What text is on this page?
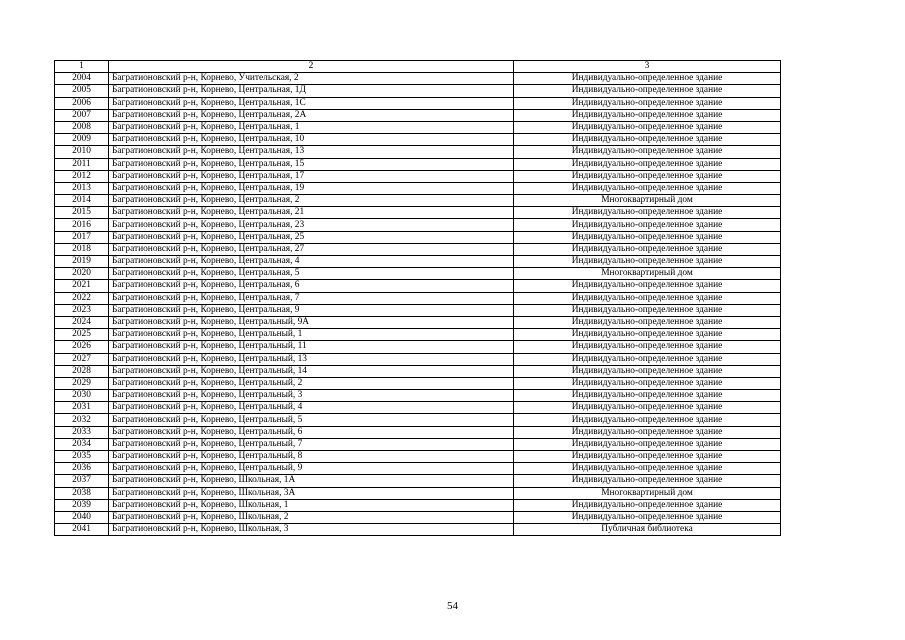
1	2	3
2004	Багратионовский р-н, Корнево, Учительская, 2	Индивидуально-определенное здание
2005	Багратионовский р-н, Корнево, Центральная, 1Д	Индивидуально-определенное здание
2006	Багратионовский р-н, Корнево, Центральная, 1С	Индивидуально-определенное здание
2007	Багратионовский р-н, Корнево, Центральная, 2А	Индивидуально-определенное здание
2008	Багратионовский р-н, Корнево, Центральная, 1	Индивидуально-определенное здание
2009	Багратионовский р-н, Корнево, Центральная, 10	Индивидуально-определенное здание
2010	Багратионовский р-н, Корнево, Центральная, 13	Индивидуально-определенное здание
2011	Багратионовский р-н, Корнево, Центральная, 15	Индивидуально-определенное здание
2012	Багратионовский р-н, Корнево, Центральная, 17	Индивидуально-определенное здание
2013	Багратионовский р-н, Корнево, Центральная, 19	Индивидуально-определенное здание
2014	Багратионовский р-н, Корнево, Центральная, 2	Многоквартирный дом
2015	Багратионовский р-н, Корнево, Центральная, 21	Индивидуально-определенное здание
2016	Багратионовский р-н, Корнево, Центральная, 23	Индивидуально-определенное здание
2017	Багратионовский р-н, Корнево, Центральная, 25	Индивидуально-определенное здание
2018	Багратионовский р-н, Корнево, Центральная, 27	Индивидуально-определенное здание
2019	Багратионовский р-н, Корнево, Центральная, 4	Индивидуально-определенное здание
2020	Багратионовский р-н, Корнево, Центральная, 5	Многоквартирный дом
2021	Багратионовский р-н, Корнево, Центральная, 6	Индивидуально-определенное здание
2022	Багратионовский р-н, Корнево, Центральная, 7	Индивидуально-определенное здание
2023	Багратионовский р-н, Корнево, Центральная, 9	Индивидуально-определенное здание
2024	Багратионовский р-н, Корнево, Центральный, 9А	Индивидуально-определенное здание
2025	Багратионовский р-н, Корнево, Центральный, 1	Индивидуально-определенное здание
2026	Багратионовский р-н, Корнево, Центральный, 11	Индивидуально-определенное здание
2027	Багратионовский р-н, Корнево, Центральный, 13	Индивидуально-определенное здание
2028	Багратионовский р-н, Корнево, Центральный, 14	Индивидуально-определенное здание
2029	Багратионовский р-н, Корнево, Центральный, 2	Индивидуально-определенное здание
2030	Багратионовский р-н, Корнево, Центральный, 3	Индивидуально-определенное здание
2031	Багратионовский р-н, Корнево, Центральный, 4	Индивидуально-определенное здание
2032	Багратионовский р-н, Корнево, Центральный, 5	Индивидуально-определенное здание
2033	Багратионовский р-н, Корнево, Центральный, 6	Индивидуально-определенное здание
2034	Багратионовский р-н, Корнево, Центральный, 7	Индивидуально-определенное здание
2035	Багратионовский р-н, Корнево, Центральный, 8	Индивидуально-определенное здание
2036	Багратионовский р-н, Корнево, Центральный, 9	Индивидуально-определенное здание
2037	Багратионовский р-н, Корнево, Школьная, 1А	Индивидуально-определенное здание
2038	Багратионовский р-н, Корнево, Школьная, 3А	Многоквартирный дом
2039	Багратионовский р-н, Корнево, Школьная, 1	Индивидуально-определенное здание
2040	Багратионовский р-н, Корнево, Школьная, 2	Индивидуально-определенное здание
2041	Багратионовский р-н, Корнево, Школьная, 3	Публичная библиотека
54
